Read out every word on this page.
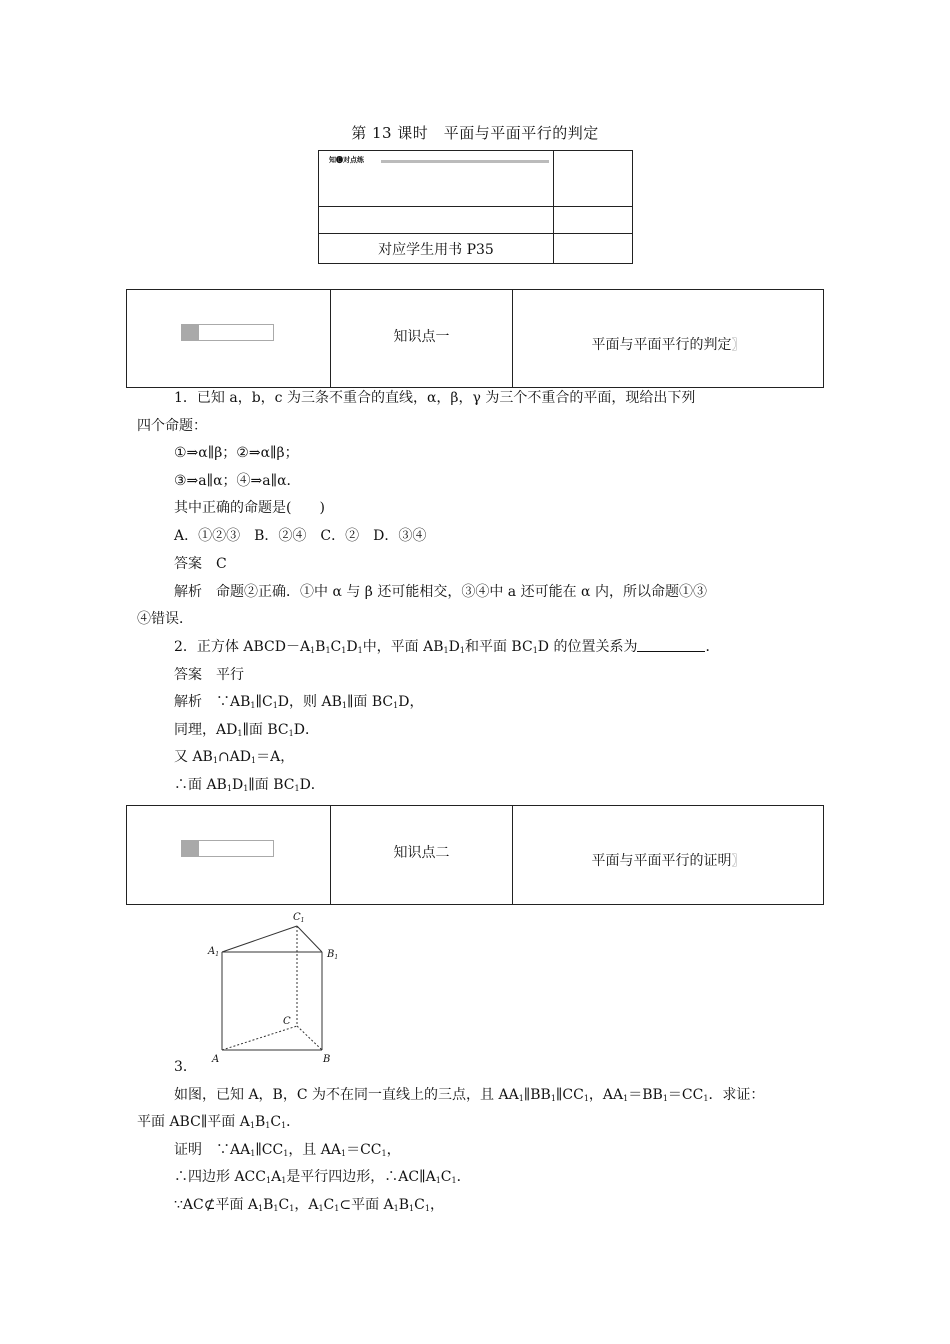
第 13 课时　平面与平面平行的判定
知🅔对点练	

对应学生用书 P35	
	知识点一	平面与平面平行的判定〗
1．已知 a，b，c 为三条不重合的直线，α，β，γ 为三个不重合的平面，现给出下列
四个命题：
①⇒α∥β；②⇒α∥β；
③⇒a∥α；④⇒a∥α．
其中正确的命题是(　　)
A．①②③　B．②④　C．②　D．③④
答案　C
解析　命题②正确．①中 α 与 β 还可能相交，③④中 a 还可能在 α 内，所以命题①③
④错误．
2．正方体 $ABCD-A_1B_1C_1D_1$中，平面 $AB_1D_1$和平面 $BC_1D$ 的位置关系为	．
答案　平行
解析　$\because AB_1\parallel C_1D$，则 $AB_1\parallel$面 $BC_1D$，
同理，$AD_1\parallel$面 $BC_1D$．
又 $AB_1\cap AD_1=A$，
∴面 $AB_1D_1\parallel$面 $BC_1D$．
	知识点二	平面与平面平行的证明〗
$C_1$
$A_1$	$B_1$
C
A	B
3．
如图，已知 A，B，C 为不在同一直线上的三点，且 $AA_1\parallel BB_1\parallel CC_1$，$AA_1=BB_1=CC_1$．求证：
平面 ABC∥平面 $A_1B_1C_1$．
证明　$\because AA_1\parallel CC_1$，且 $AA_1=CC_1$，
∴四边形 $ACC_1A_1$是平行四边形，$\therefore AC\parallel A_1C_1$．
∵AC⊄平面 $A_1B_1C_1$，$A_1C_1\subset$平面 $A_1B_1C_1$，
